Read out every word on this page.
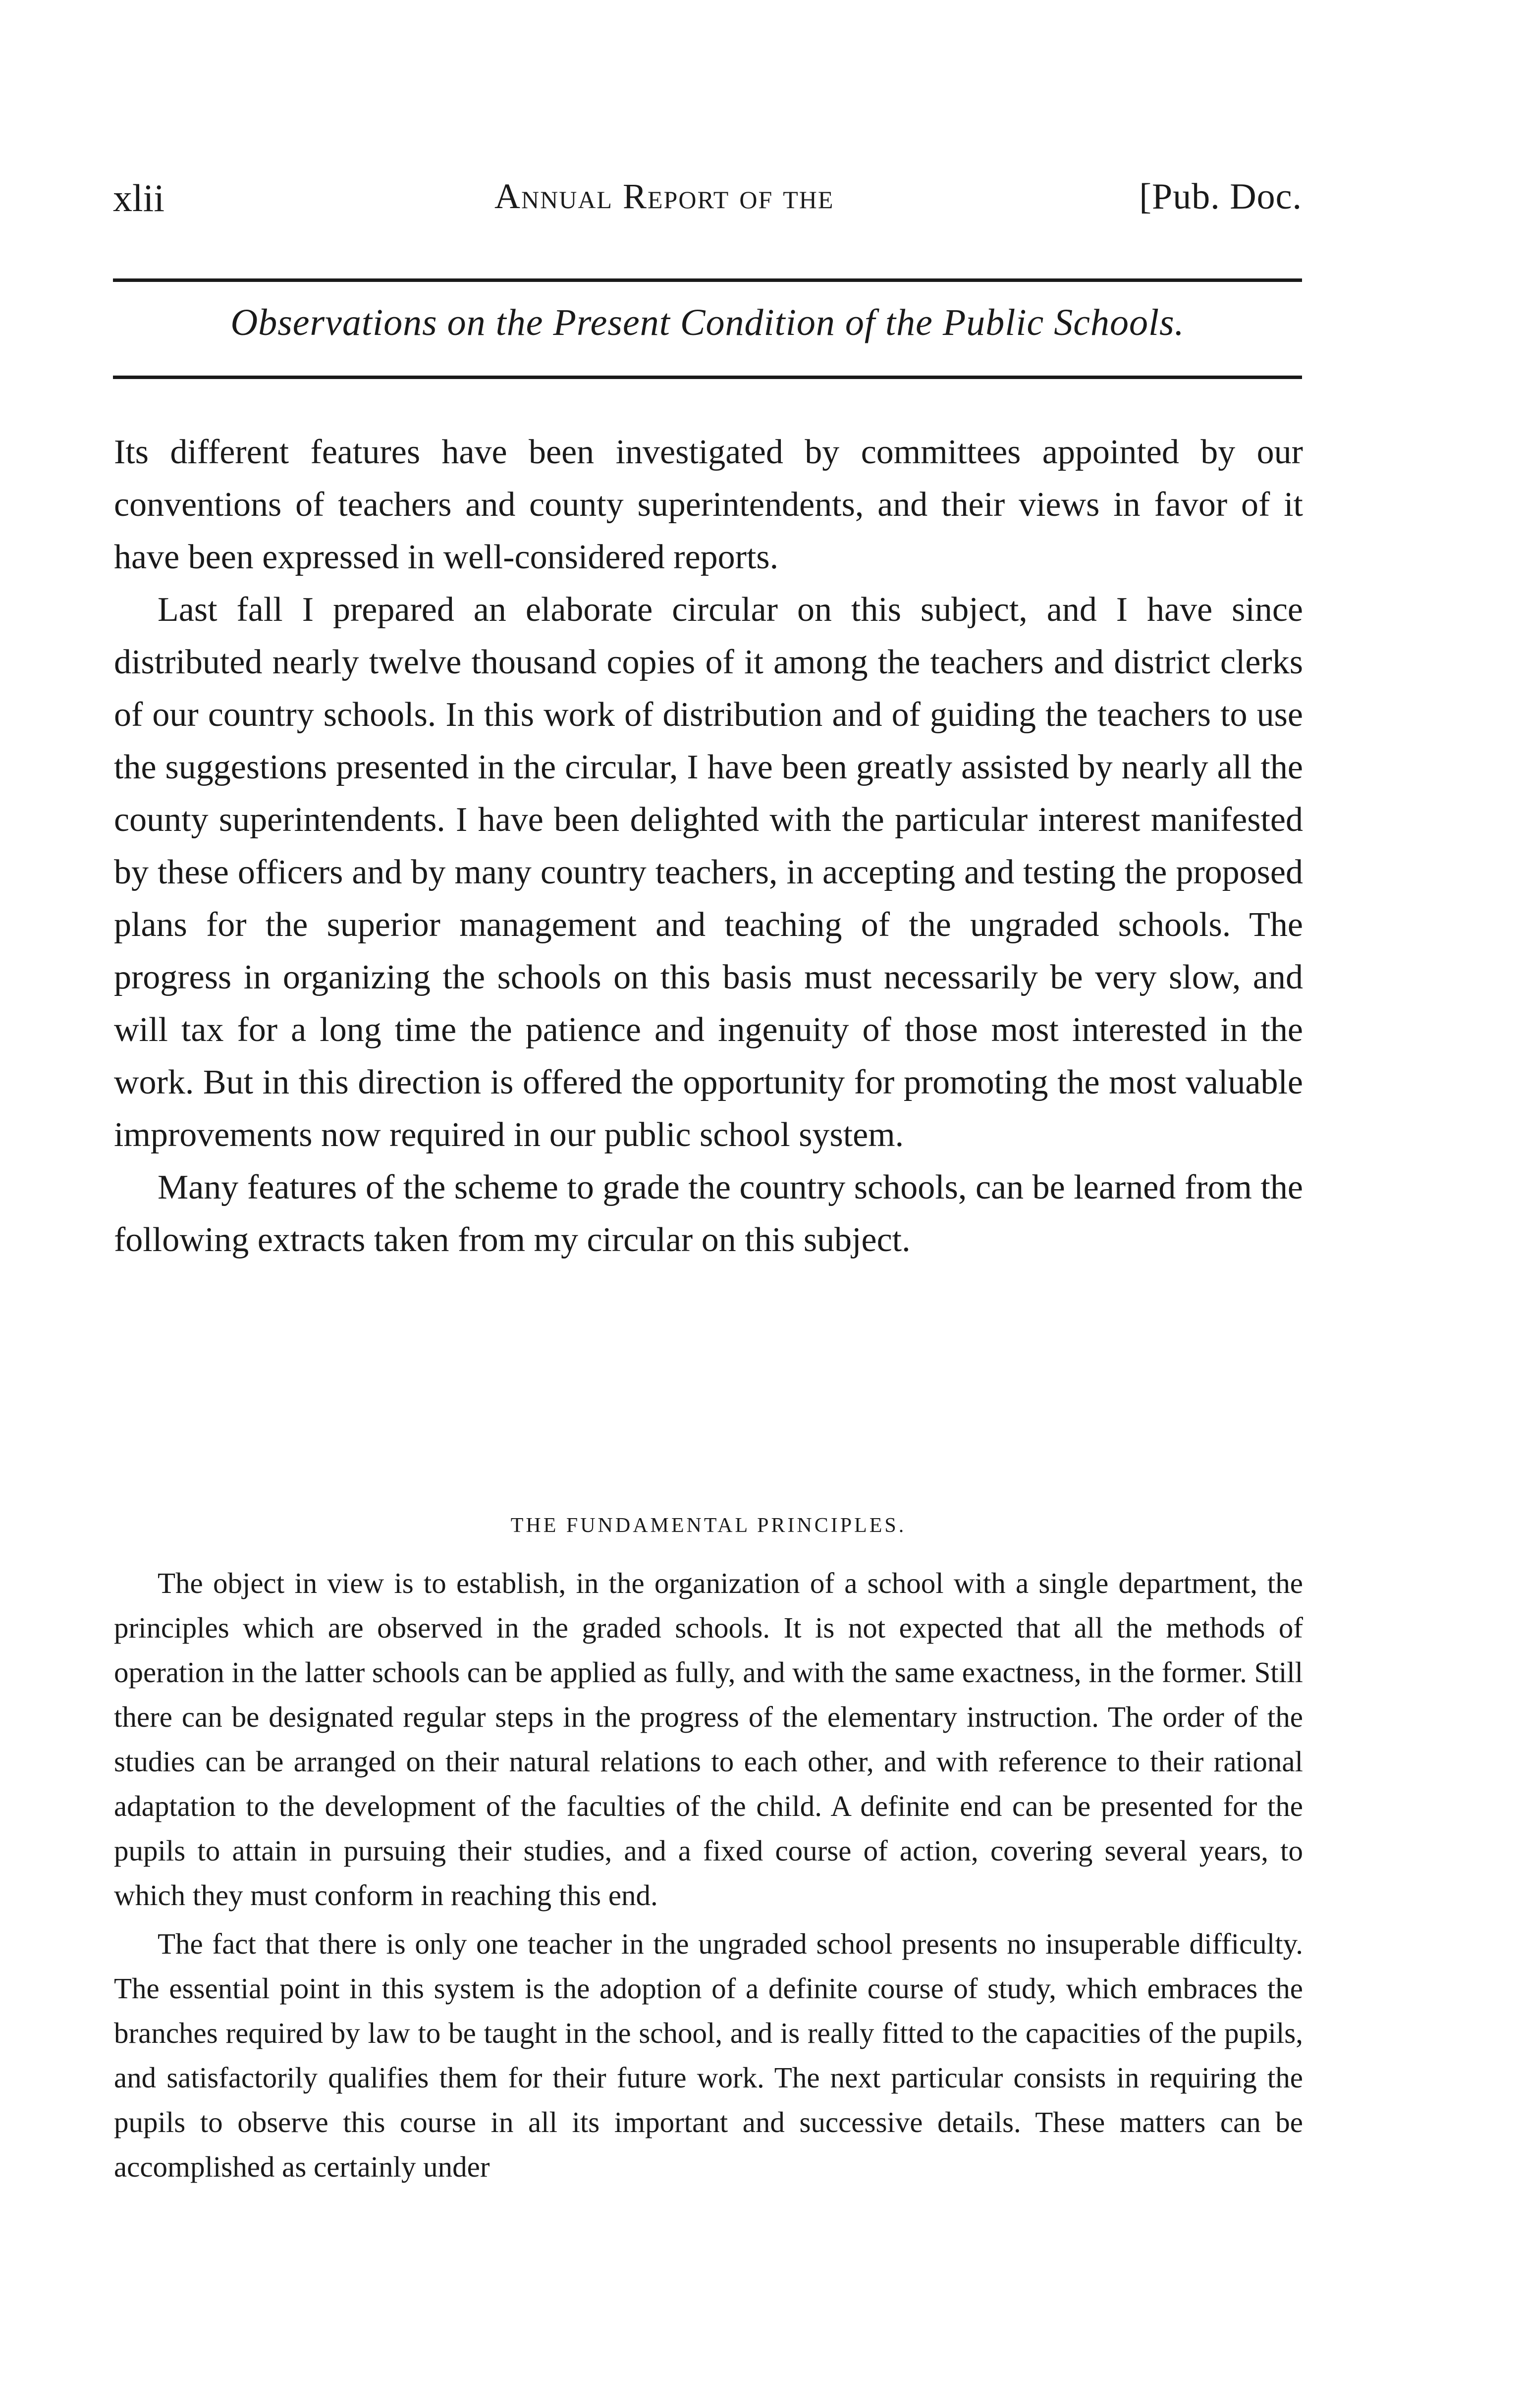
xlii	Annual Report of the	[Pub. Doc.
Observations on the Present Condition of the Public Schools.

Its different features have been investigated by committees appointed by our conventions of teachers and county superintendents, and their views in favor of it have been expressed in well-considered reports.

Last fall I prepared an elaborate circular on this subject, and I have since distributed nearly twelve thousand copies of it among the teachers and district clerks of our country schools. In this work of distribution and of guiding the teachers to use the suggestions presented in the circular, I have been greatly assisted by nearly all the county superintendents. I have been delighted with the particular interest manifested by these officers and by many country teachers, in accepting and testing the proposed plans for the superior management and teaching of the ungraded schools. The progress in organizing the schools on this basis must necessarily be very slow, and will tax for a long time the patience and ingenuity of those most interested in the work. But in this direction is offered the opportunity for promoting the most valuable improvements now required in our public school system.

Many features of the scheme to grade the country schools, can be learned from the following extracts taken from my circular on this subject.

THE FUNDAMENTAL PRINCIPLES.

The object in view is to establish, in the organization of a school with a single department, the principles which are observed in the graded schools. It is not expected that all the methods of operation in the latter schools can be applied as fully, and with the same exactness, in the former. Still there can be designated regular steps in the progress of the elementary instruction. The order of the studies can be arranged on their natural relations to each other, and with reference to their rational adaptation to the development of the faculties of the child. A definite end can be presented for the pupils to attain in pursuing their studies, and a fixed course of action, covering several years, to which they must conform in reaching this end.

The fact that there is only one teacher in the ungraded school presents no insuperable difficulty. The essential point in this system is the adoption of a definite course of study, which embraces the branches required by law to be taught in the school, and is really fitted to the capacities of the pupils, and satisfactorily qualifies them for their future work. The next particular consists in requiring the pupils to observe this course in all its important and successive details. These matters can be accomplished as certainly under
